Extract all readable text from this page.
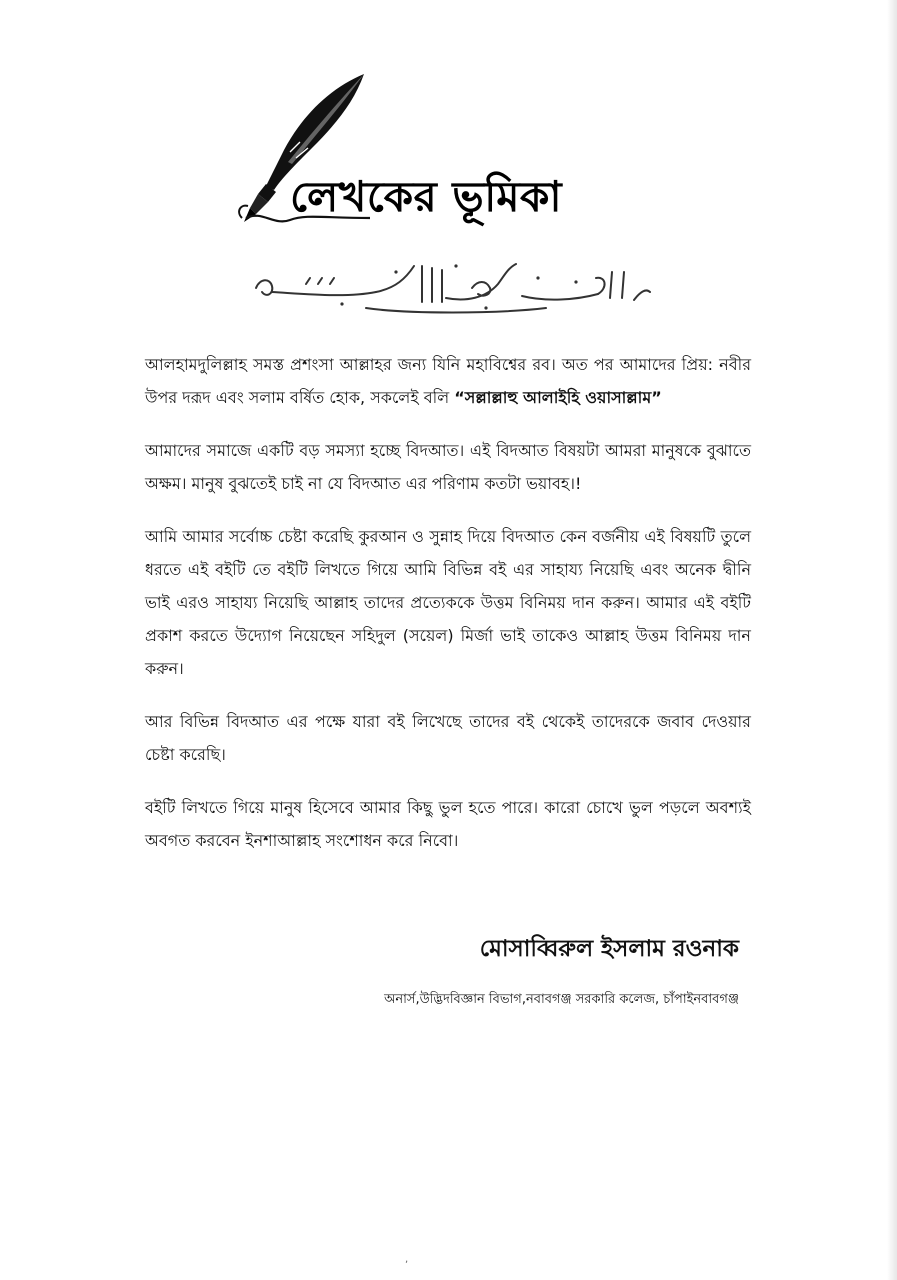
লেখকের ভূমিকা

আলহামদুলিল্লাহ সমস্ত প্রশংসা আল্লাহর জন্য যিনি মহাবিশ্বের রব। অত পর আমাদের প্রিয়: নবীর উপর দরূদ এবং সলাম বর্ষিত হোক, সকলেই বলি “সল্লাল্লাহু আলাইহি ওয়াসাল্লাম”

আমাদের সমাজে একটি বড় সমস্যা হচ্ছে বিদআত। এই বিদআত বিষয়টা আমরা মানুষকে বুঝাতে অক্ষম। মানুষ বুঝতেই চাই না যে বিদআত এর পরিণাম কতটা ভয়াবহ।!

আমি আমার সর্বোচ্চ চেষ্টা করেছি কুরআন ও সুন্নাহ দিয়ে বিদআত কেন বর্জনীয় এই বিষয়টি তুলে ধরতে এই বইটি তে বইটি লিখতে গিয়ে আমি বিভিন্ন বই এর সাহায্য নিয়েছি এবং অনেক দ্বীনি ভাই এরও সাহায্য নিয়েছি আল্লাহ তাদের প্রত্যেককে উত্তম বিনিময় দান করুন। আমার এই বইটি প্রকাশ করতে উদ্যোগ নিয়েছেন সহিদুল (সয়েল) মির্জা ভাই তাকেও আল্লাহ উত্তম বিনিময় দান করুন।

আর বিভিন্ন বিদআত এর পক্ষে যারা বই লিখেছে তাদের বই থেকেই তাদেরকে জবাব দেওয়ার চেষ্টা করেছি।

বইটি লিখতে গিয়ে মানুষ হিসেবে আমার কিছু ভুল হতে পারে। কারো চোখে ভুল পড়লে অবশ্যই অবগত করবেন ইনশাআল্লাহ সংশোধন করে নিবো।

মোসাব্বিরুল ইসলাম রওনাক
অনার্স,উদ্ভিদবিজ্ঞান বিভাগ,নবাবগঞ্জ সরকারি কলেজ, চাঁপাইনবাবগঞ্জ
,
